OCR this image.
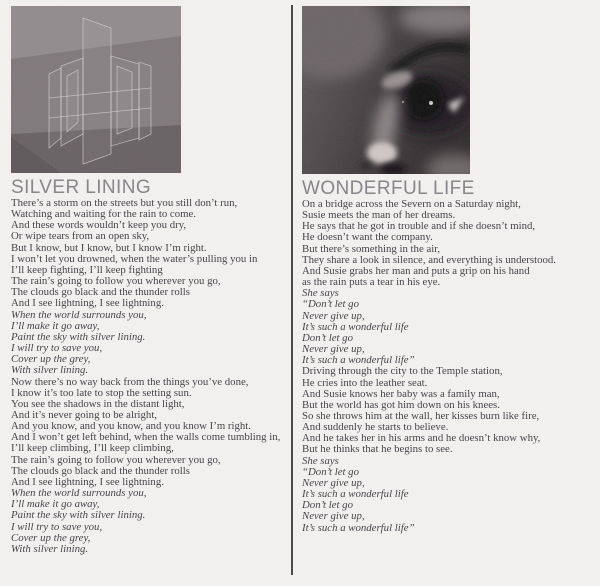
SILVER LINING
There’s a storm on the streets but you still don’t run,
Watching and waiting for the rain to come.
And these words wouldn’t keep you dry,
Or wipe tears from an open sky,
But I know, but I know, but I know I’m right.
I won’t let you drowned, when the water’s pulling you in
I’ll keep fighting, I’ll keep fighting
The rain’s going to follow you wherever you go,
The clouds go black and the thunder rolls
And I see lightning, I see lightning.
When the world surrounds you,
I’ll make it go away,
Paint the sky with silver lining.
I will try to save you,
Cover up the grey,
With silver lining.
Now there’s no way back from the things you’ve done,
I know it’s too late to stop the setting sun.
You see the shadows in the distant light,
And it’s never going to be alright,
And you know, and you know, and you know I’m right.
And I won’t get left behind, when the walls come tumbling in,
I’ll keep climbing, I’ll keep climbing,
The rain’s going to follow you wherever you go,
The clouds go black and the thunder rolls
And I see lightning, I see lightning.
When the world surrounds you,
I’ll make it go away,
Paint the sky with silver lining.
I will try to save you,
Cover up the grey,
With silver lining.
WONDERFUL LIFE
On a bridge across the Severn on a Saturday night,
Susie meets the man of her dreams.
He says that he got in trouble and if she doesn’t mind,
He doesn’t want the company.
But there’s something in the air,
They share a look in silence, and everything is understood.
And Susie grabs her man and puts a grip on his hand
as the rain puts a tear in his eye.
She says
“Don’t let go
Never give up,
It’s such a wonderful life
Don’t let go
Never give up,
It’s such a wonderful life”
Driving through the city to the Temple station,
He cries into the leather seat.
And Susie knows her baby was a family man,
But the world has got him down on his knees.
So she throws him at the wall, her kisses burn like fire,
And suddenly he starts to believe.
And he takes her in his arms and he doesn’t know why,
But he thinks that he begins to see.
She says
“Don’t let go
Never give up,
It’s such a wonderful life
Don’t let go
Never give up,
It’s such a wonderful life”
